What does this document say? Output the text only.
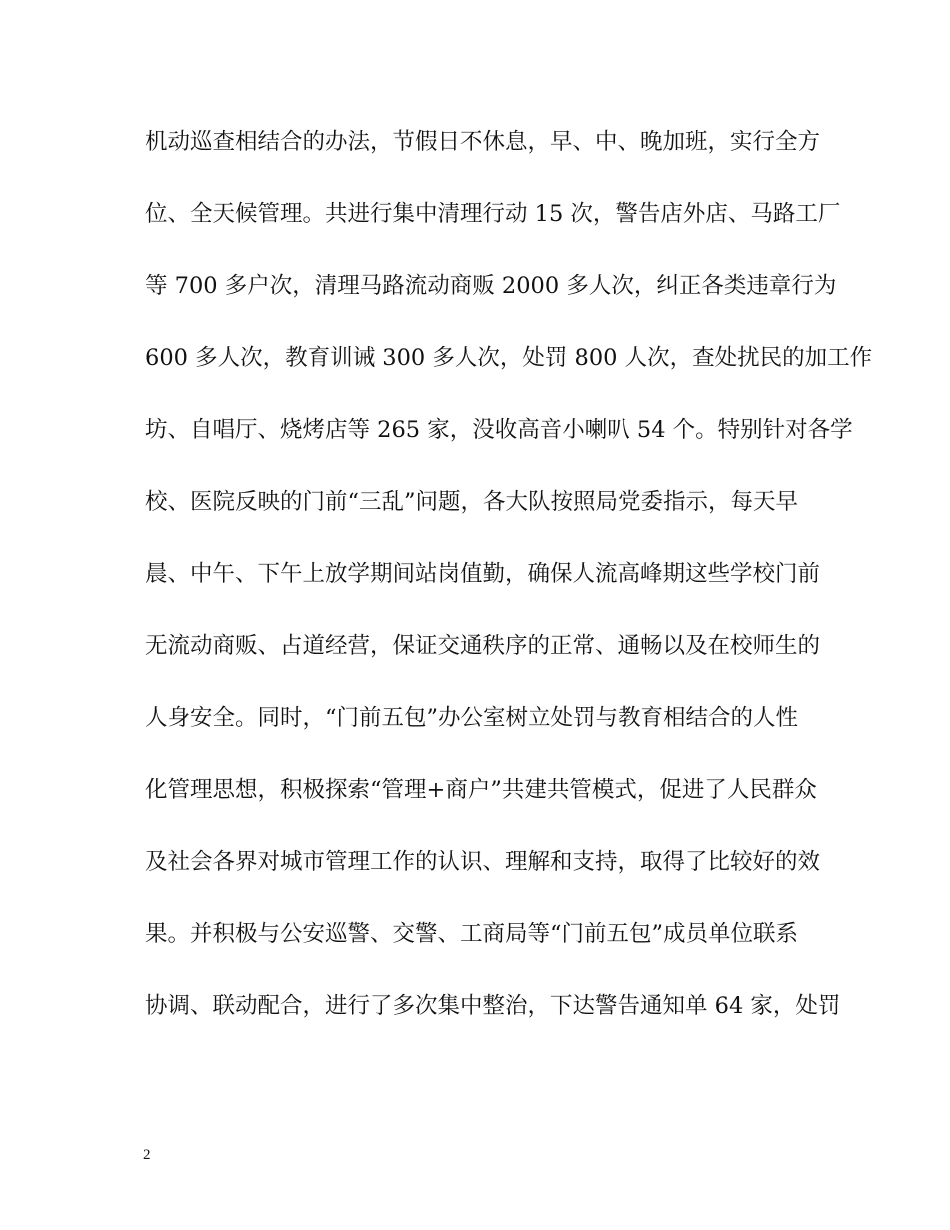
机动巡查相结合的办法，节假日不休息，早、中、晚加班，实行全方

位、全天候管理。共进行集中清理行动 15 次，警告店外店、马路工厂

等 700 多户次，清理马路流动商贩 2000 多人次，纠正各类违章行为

600 多人次，教育训诫 300 多人次，处罚 800 人次，查处扰民的加工作

坊、自唱厅、烧烤店等 265 家，没收高音小喇叭 54 个。特别针对各学

校、医院反映的门前“三乱”问题，各大队按照局党委指示，每天早

晨、中午、下午上放学期间站岗值勤，确保人流高峰期这些学校门前

无流动商贩、占道经营，保证交通秩序的正常、通畅以及在校师生的

人身安全。同时，“门前五包”办公室树立处罚与教育相结合的人性

化管理思想，积极探索“管理+商户”共建共管模式，促进了人民群众

及社会各界对城市管理工作的认识、理解和支持，取得了比较好的效

果。并积极与公安巡警、交警、工商局等“门前五包”成员单位联系

协调、联动配合，进行了多次集中整治，下达警告通知单 64 家，处罚

2
